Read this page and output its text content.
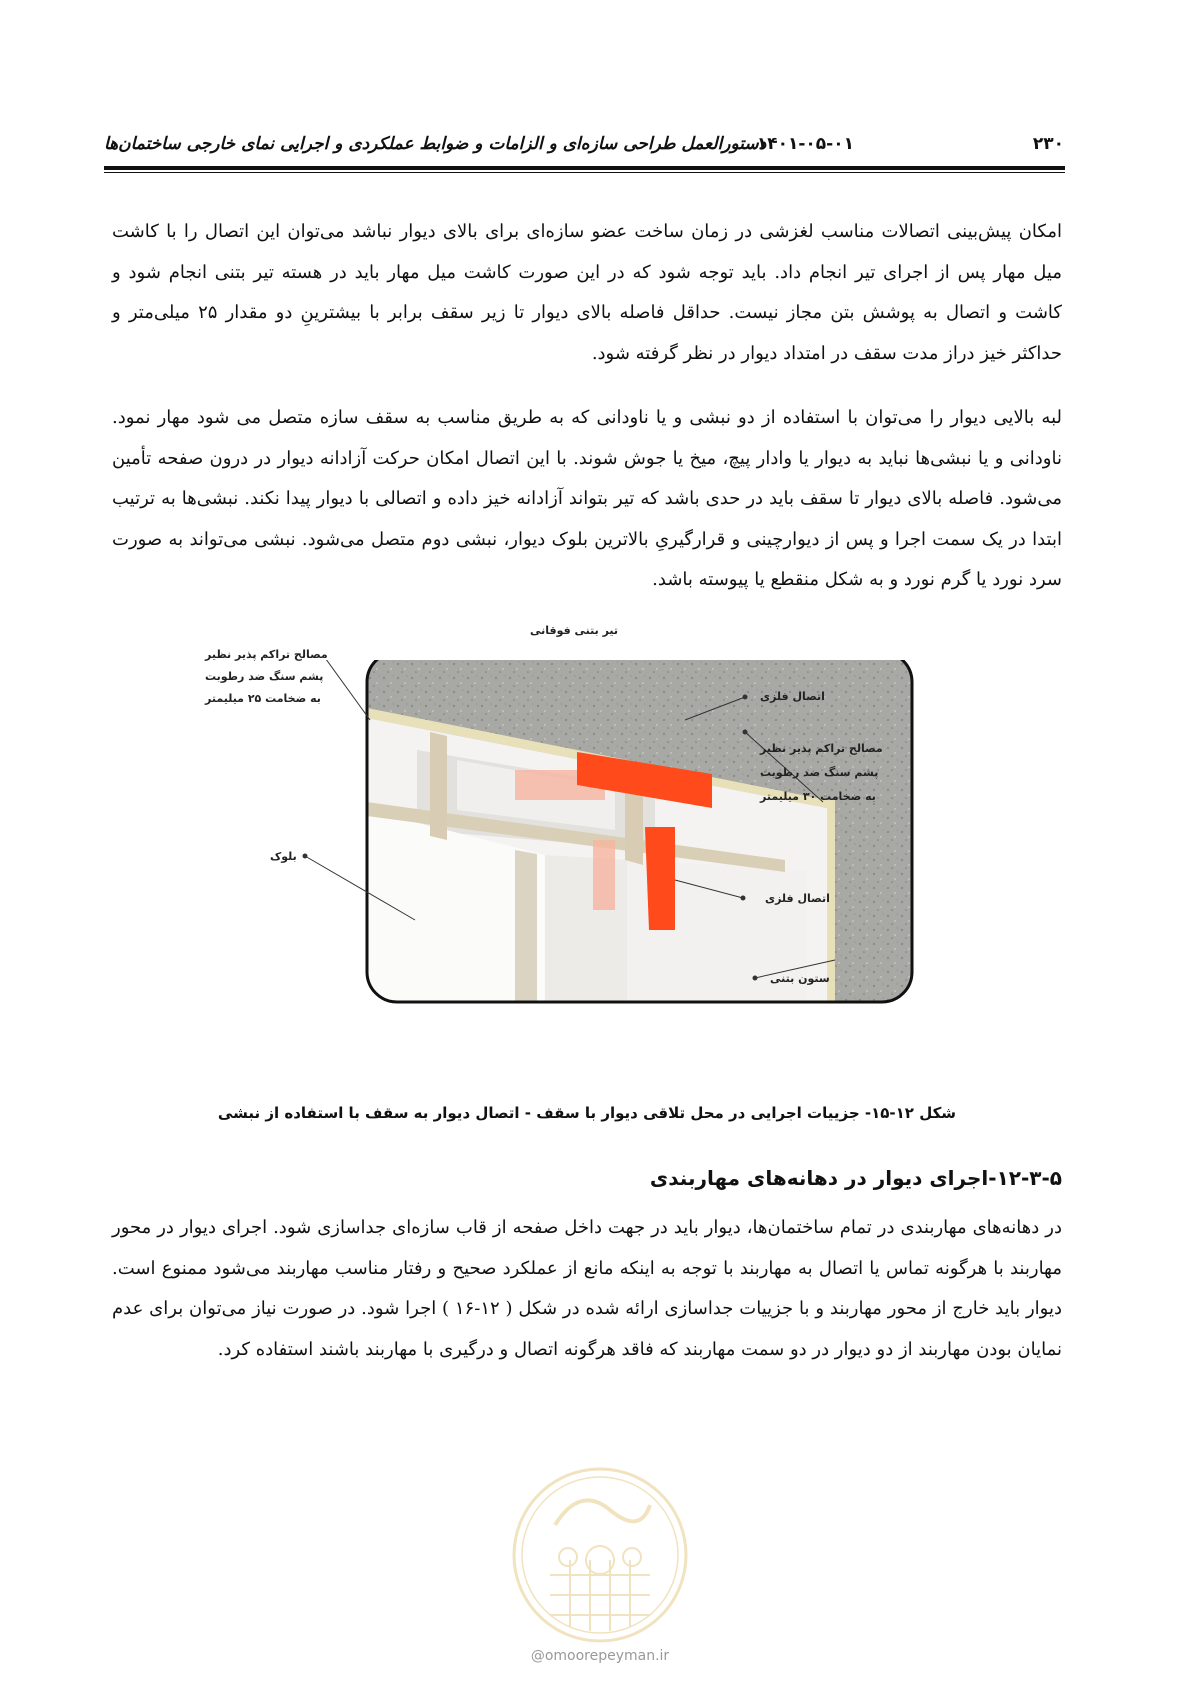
۲۳۰
۱۴۰۱-۰۵-۰۱
دستورالعمل طراحی سازه‌ای و الزامات و ضوابط عملکردی و اجرایی نمای خارجی ساختمان‌ها
امکان پیش‌بینی اتصالات مناسب لغزشی در زمان ساخت عضو سازه‌ای برای بالای دیوار نباشد می‌توان این اتصال را با کاشت میل مهار پس از اجرای تیر انجام داد. باید توجه شود که در این صورت کاشت میل مهار باید در هسته تیر بتنی انجام شود و کاشت و اتصال به پوشش بتن مجاز نیست. حداقل فاصله بالای دیوار تا زیر سقف برابر با بیشترینِ دو مقدار ۲۵ میلی‌متر و حداکثر خیز دراز مدت سقف در امتداد دیوار در نظر گرفته شود.
لبه بالایی دیوار را می‌توان با استفاده از دو نبشی و یا ناودانی که به طریق مناسب به سقف سازه متصل می شود مهار نمود. ناودانی و یا نبشی‌ها نباید به دیوار یا وادار پیچ، میخ یا جوش شوند. با این اتصال امکان حرکت آزادانه دیوار در درون صفحه تأمین می‌شود. فاصله بالای دیوار تا سقف باید در حدی باشد که تیر بتواند آزادانه خیز داده و اتصالی با دیوار پیدا نکند. نبشی‌ها به ترتیب ابتدا در یک سمت اجرا و پس از دیوارچینی و قرارگیریِ بالاترین بلوک دیوار، نبشی دوم متصل می‌شود. نبشی می‌تواند به صورت سرد نورد یا گرم نورد و به شکل منقطع یا پیوسته باشد.
تیر بتنی فوقانی
مصالح تراکم پذیر نظیر
پشم سنگ ضد رطوبت
به ضخامت ۲۵ میلیمتر	اتصال فلزی
مصالح تراکم پذیر نظیر
پشم سنگ ضد رطوبت
به ضخامت ۳۰ میلیمتر
بلوک
اتصال فلزی
ستون بتنی
شکل ۱۲-۱۵- جزییات اجرایی در محل تلاقی دیوار با سقف - اتصال دیوار به سقف با استفاده از نبشی
۱۲-۳-۵-اجرای دیوار در دهانه‌های مهاربندی
در دهانه‌های مهاربندی در تمام ساختمان‌ها، دیوار باید در جهت داخل صفحه از قاب سازه‌ای جداسازی شود. اجرای دیوار در محور مهاربند با هرگونه تماس یا اتصال به مهاربند با توجه به اینکه مانع از عملکرد صحیح و رفتار مناسب مهاربند می‌شود ممنوع است. دیوار باید خارج از محور مهاربند و با جزییات جداسازی ارائه شده در شکل ( ۱۲-۱۶ ) اجرا شود. در صورت نیاز می‌توان برای عدم نمایان بودن مهاربند از دو دیوار در دو سمت مهاربند که فاقد هرگونه اتصال و درگیری با مهاربند باشند استفاده کرد.
@omoorepeyman.ir
